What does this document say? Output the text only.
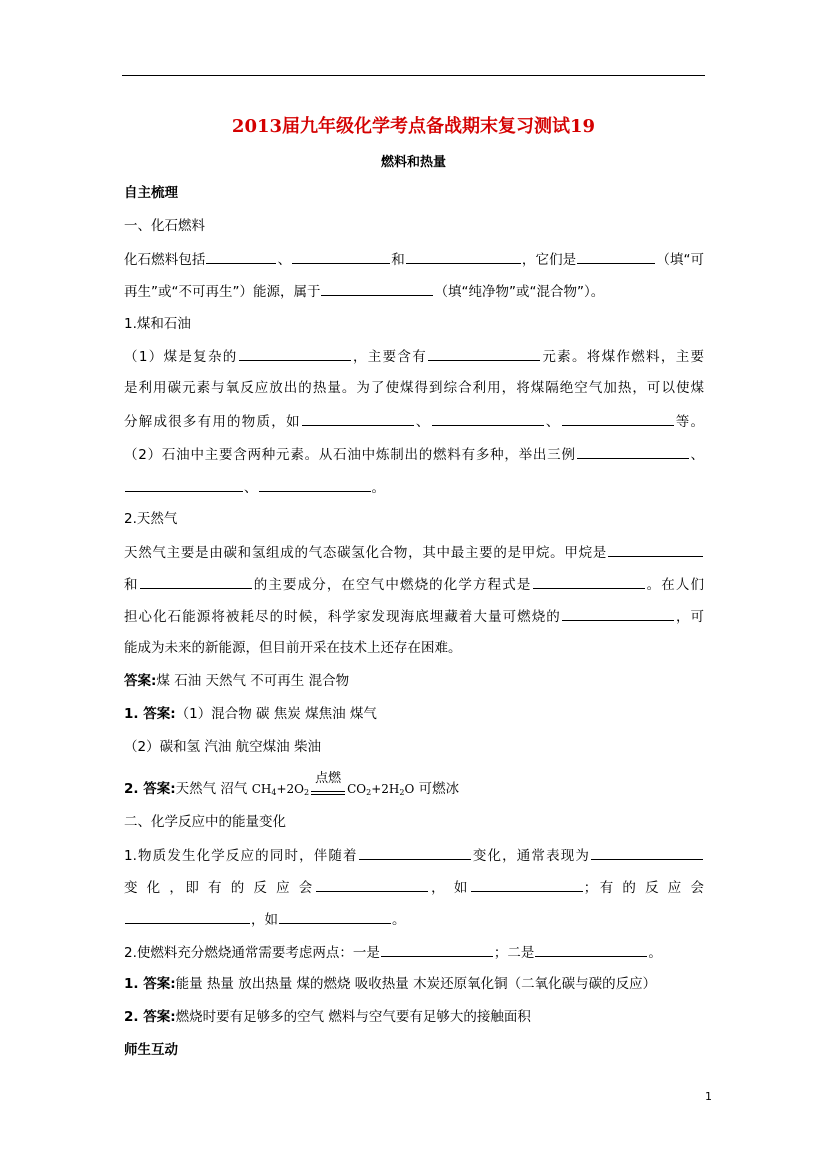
2013届九年级化学考点备战期末复习测试19
燃料和热量
自主梳理
一、化石燃料
化石燃料包括	、	和	，它们是	（填“可
再生”或“不可再生”）能源，属于	（填“纯净物”或“混合物”）。
1.煤和石油
（1）煤是复杂的	，主要含有	元素。将煤作燃料，主要
是利用碳元素与氧反应放出的热量。为了使煤得到综合利用，将煤隔绝空气加热，可以使煤
分解成很多有用的物质，如	、	、	等。
（2）石油中主要含两种元素。从石油中炼制出的燃料有多种，举出三例	、
、	。
2.天然气
天然气主要是由碳和氢组成的气态碳氢化合物，其中最主要的是甲烷。甲烷是
和	的主要成分，在空气中燃烧的化学方程式是	。在人们
担心化石能源将被耗尽的时候，科学家发现海底埋藏着大量可燃烧的	，可
能成为未来的新能源，但目前开采在技术上还存在困难。
答案:煤 石油 天然气 不可再生 混合物
1. 答案:（1）混合物 碳 焦炭 煤焦油 煤气
（2）碳和氢 汽油 航空煤油 柴油
2. 答案:天然气 沼气 $CH_4+2O_2$
点燃
$CO_2+2H_2O$ 可燃冰
二、化学反应中的能量变化
1.物质发生化学反应的同时，伴随着	变化，通常表现为
变 化 ，即 有 的 反 应 会	， 如	；有 的 反 应 会
，如	。
2.使燃料充分燃烧通常需要考虑两点：一是	；二是	。
1. 答案:能量 热量 放出热量 煤的燃烧 吸收热量 木炭还原氧化铜（二氧化碳与碳的反应）
2. 答案:燃烧时要有足够多的空气 燃料与空气要有足够大的接触面积
师生互动
1
